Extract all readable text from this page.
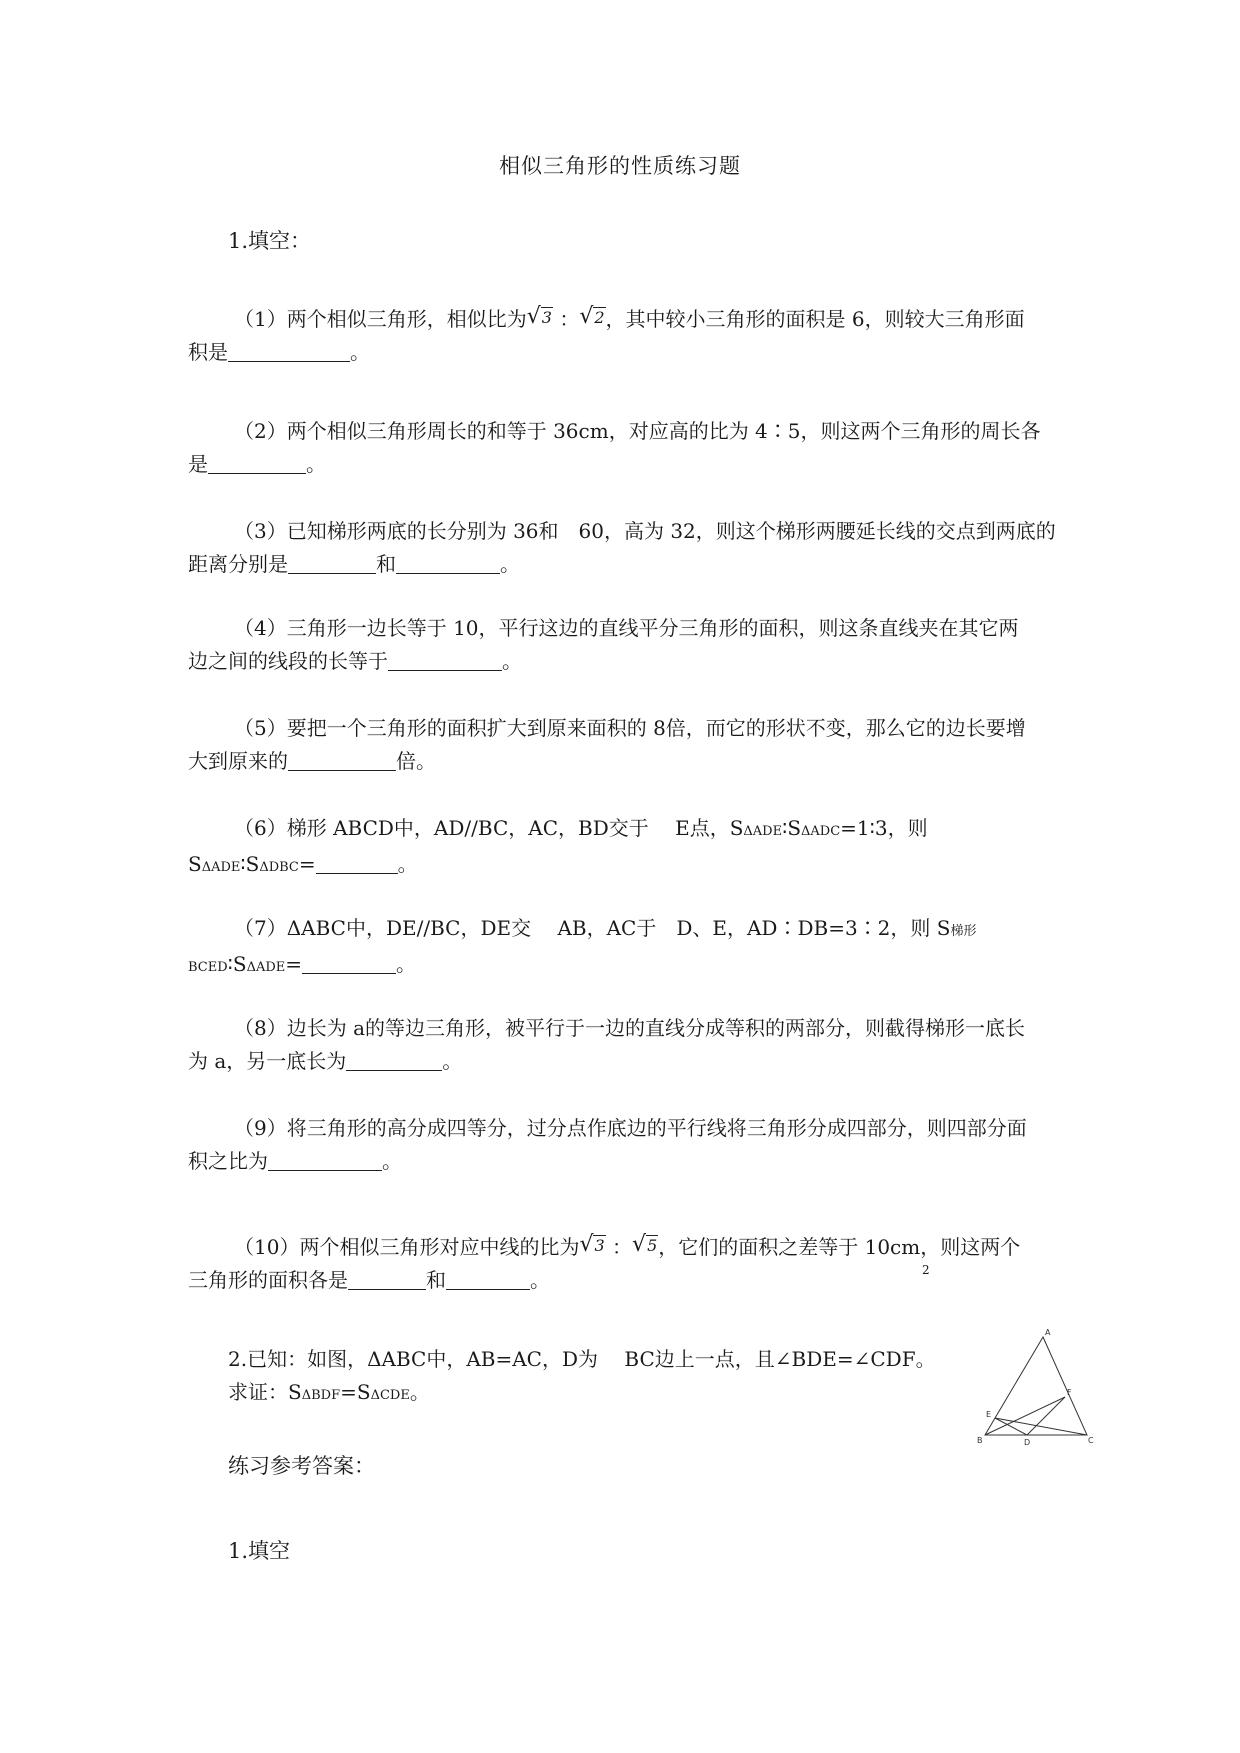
相似三角形的性质练习题
1.填空：
（1）两个相似三角形，相似比为√3 ：√2，其中较小三角形的面积是 6，则较大三角形面
积是	。
（2）两个相似三角形周长的和等于 36cm，对应高的比为 4∶5，则这两个三角形的周长各
是	。
（3）已知梯形两底的长分别为 36和　60，高为 32，则这个梯形两腰延长线的交点到两底的
距离分别是	和	。
（4）三角形一边长等于 10，平行这边的直线平分三角形的面积，则这条直线夹在其它两
边之间的线段的长等于	。
（5）要把一个三角形的面积扩大到原来面积的 8倍，而它的形状不变，那么它的边长要增
大到原来的	倍。
（6）梯形 ABCD中，AD//BC，AC，BD交于　 E点，SΔADE∶SΔADC=1∶3，则
SΔADE∶SΔDBC=	。
（7）ΔABC中，DE//BC，DE交　 AB，AC于　D、E，AD∶DB=3∶2，则 S梯形
BCED∶SΔADE=	。
（8）边长为 a的等边三角形，被平行于一边的直线分成等积的两部分，则截得梯形一底长
为 a，另一底长为	。
（9）将三角形的高分成四等分，过分点作底边的平行线将三角形分成四部分，则四部分面
积之比为	。
（10）两个相似三角形对应中线的比为√3 ：√5，它们的面积之差等于 10cm，则这两个
三角形的面积各是	和	。	2
2.已知：如图，ΔABC中，AB=AC，D为　 BC边上一点，且∠BDE=∠CDF。
求证：SΔBDF=SΔCDE。
A
B	C
D
E
F
练习参考答案：
1.填空
